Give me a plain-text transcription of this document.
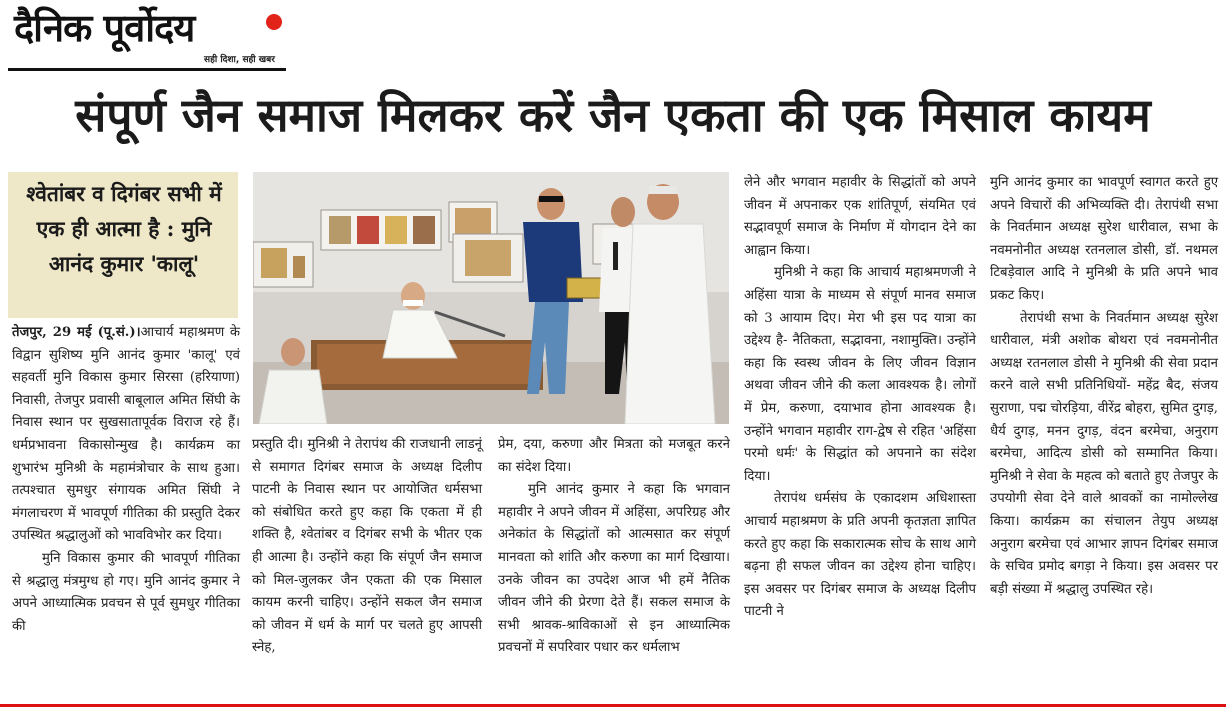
दैनिक पूर्वोदय
सही दिशा, सही खबर
संपूर्ण जैन समाज मिलकर करें जैन एकता की एक मिसाल कायम
श्वेतांबर व दिगंबर सभी में एक ही आत्मा है : मुनि आनंद कुमार 'कालू'

तेजपुर, 29 मई (पू.सं.)।आचार्य महाश्रमण के विद्वान सुशिष्य मुनि आनंद कुमार 'कालू' एवं सहवर्ती मुनि विकास कुमार सिरसा (हरियाणा) निवासी, तेजपुर प्रवासी बाबूलाल अमित सिंघी के निवास स्थान पर सुखसातापूर्वक विराज रहे हैं। धर्मप्रभावना विकासोन्मुख है। कार्यक्रम का शुभारंभ मुनिश्री के महामंत्रोचार के साथ हुआ। तत्पश्चात सुमधुर संगायक अमित सिंघी ने मंगलाचरण में भावपूर्ण गीतिका की प्रस्तुति देकर उपस्थित श्रद्धालुओं को भावविभोर कर दिया।

मुनि विकास कुमार की भावपूर्ण गीतिका से श्रद्धालु मंत्रमुग्ध हो गए। मुनि आनंद कुमार ने अपने आध्यात्मिक प्रवचन से पूर्व सुमधुर गीतिका की

प्रस्तुति दी। मुनिश्री ने तेरापंथ की राजधानी लाडनूं से समागत दिगंबर समाज के अध्यक्ष दिलीप पाटनी के निवास स्थान पर आयोजित धर्मसभा को संबोधित करते हुए कहा कि एकता में ही शक्ति है, श्वेतांबर व दिगंबर सभी के भीतर एक ही आत्मा है। उन्होंने कहा कि संपूर्ण जैन समाज को मिल-जुलकर जैन एकता की एक मिसाल कायम करनी चाहिए। उन्होंने सकल जैन समाज को जीवन में धर्म के मार्ग पर चलते हुए आपसी स्नेह,

प्रेम, दया, करुणा और मित्रता को मजबूत करने का संदेश दिया।

मुनि आनंद कुमार ने कहा कि भगवान महावीर ने अपने जीवन में अहिंसा, अपरिग्रह और अनेकांत के सिद्धांतों को आत्मसात कर संपूर्ण मानवता को शांति और करुणा का मार्ग दिखाया। उनके जीवन का उपदेश आज भी हमें नैतिक जीवन जीने की प्रेरणा देते हैं। सकल समाज के सभी श्रावक-श्राविकाओं से इन आध्यात्मिक प्रवचनों में सपरिवार पधार कर धर्मलाभ

लेने और भगवान महावीर के सिद्धांतों को अपने जीवन में अपनाकर एक शांतिपूर्ण, संयमित एवं सद्भावपूर्ण समाज के निर्माण में योगदान देने का आह्वान किया।

मुनिश्री ने कहा कि आचार्य महाश्रमणजी ने अहिंसा यात्रा के माध्यम से संपूर्ण मानव समाज को 3 आयाम दिए। मेरा भी इस पद यात्रा का उद्देश्य है- नैतिकता, सद्भावना, नशामुक्ति। उन्होंने कहा कि स्वस्थ जीवन के लिए जीवन विज्ञान अथवा जीवन जीने की कला आवश्यक है। लोगों में प्रेम, करुणा, दयाभाव होना आवश्यक है। उन्होंने भगवान महावीर राग-द्वेष से रहित 'अहिंसा परमो धर्मः' के सिद्धांत को अपनाने का संदेश दिया।

तेरापंथ धर्मसंघ के एकादशम अधिशास्ता आचार्य महाश्रमण के प्रति अपनी कृतज्ञता ज्ञापित करते हुए कहा कि सकारात्मक सोच के साथ आगे बढ़ना ही सफल जीवन का उद्देश्य होना चाहिए। इस अवसर पर दिगंबर समाज के अध्यक्ष दिलीप पाटनी ने

मुनि आनंद कुमार का भावपूर्ण स्वागत करते हुए अपने विचारों की अभिव्यक्ति दी। तेरापंथी सभा के निवर्तमान अध्यक्ष सुरेश धारीवाल, सभा के नवमनोनीत अध्यक्ष रतनलाल डोसी, डॉ. नथमल टिबड़ेवाल आदि ने मुनिश्री के प्रति अपने भाव प्रकट किए।

तेरापंथी सभा के निवर्तमान अध्यक्ष सुरेश धारीवाल, मंत्री अशोक बोथरा एवं नवमनोनीत अध्यक्ष रतनलाल डोसी ने मुनिश्री की सेवा प्रदान करने वाले सभी प्रतिनिधियों- महेंद्र बैद, संजय सुराणा, पद्म चोरड़िया, वीरेंद्र बोहरा, सुमित दुगड़, धैर्य दुगड़, मनन दुगड़, वंदन बरमेचा, अनुराग बरमेचा, आदित्य डोसी को सम्मानित किया। मुनिश्री ने सेवा के महत्व को बताते हुए तेजपुर के उपयोगी सेवा देने वाले श्रावकों का नामोल्लेख किया। कार्यक्रम का संचालन तेयुप अध्यक्ष अनुराग बरमेचा एवं आभार ज्ञापन दिगंबर समाज के सचिव प्रमोद बगड़ा ने किया। इस अवसर पर बड़ी संख्या में श्रद्धालु उपस्थित रहे।
